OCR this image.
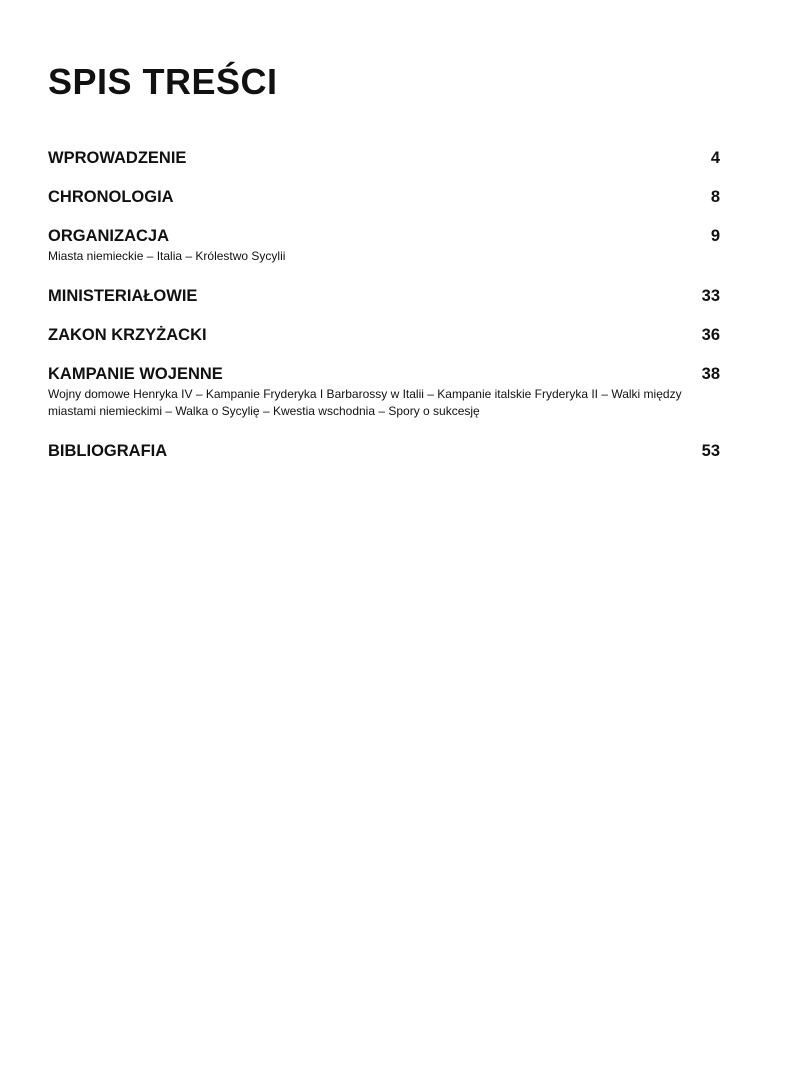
SPIS TREŚCI
WPROWADZENIE	4
CHRONOLOGIA	8
ORGANIZACJA	9
Miasta niemieckie – Italia – Królestwo Sycylii
MINISTERIAŁOWIE	33
ZAKON KRZYŻACKI	36
KAMPANIE WOJENNE	38
Wojny domowe Henryka IV – Kampanie Fryderyka I Barbarossy w Italii – Kampanie italskie Fryderyka II – Walki między miastami niemieckimi – Walka o Sycylię – Kwestia wschodnia – Spory o sukcesję
BIBLIOGRAFIA	53
